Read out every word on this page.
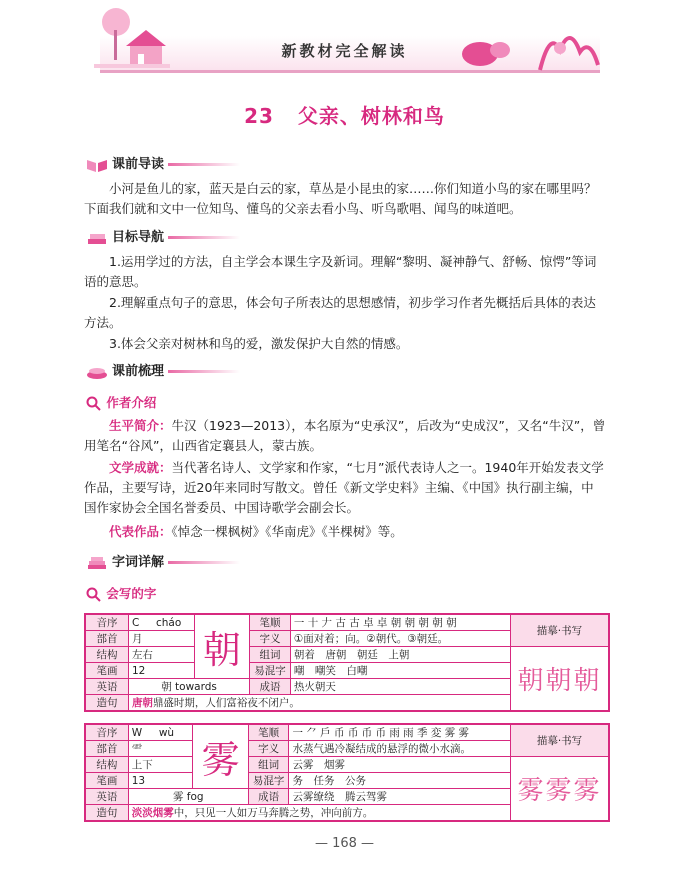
新教材完全解读
23 父亲、树林和鸟
课前导读
小河是鱼儿的家，蓝天是白云的家，草丛是小昆虫的家……你们知道小鸟的家在哪里吗？下面我们就和文中一位知鸟、懂鸟的父亲去看小鸟、听鸟歌唱、闻鸟的味道吧。
目标导航
1.运用学过的方法，自主学会本课生字及新词。理解“黎明、凝神静气、舒畅、惊愕”等词语的意思。
2.理解重点句子的意思，体会句子所表达的思想感情，初步学习作者先概括后具体的表达方法。
3.体会父亲对树林和鸟的爱，激发保护大自然的情感。
课前梳理
作者介绍
生平简介：牛汉（1923—2013），本名原为“史承汉”，后改为“史成汉”，又名“牛汉”，曾用笔名“谷风”，山西省定襄县人，蒙古族。
文学成就：当代著名诗人、文学家和作家，“七月”派代表诗人之一。1940年开始发表文学作品，主要写诗，近20年来同时写散文。曾任《新文学史料》主编、《中国》执行副主编，中国作家协会全国名誉委员、中国诗歌学会副会长。
代表作品：《悼念一棵枫树》《华南虎》《半棵树》等。
字词详解
会写的字
音序	C cháo	朝	笔顺	一 十 𠂇 古 古 卓 卓 朝 朝 朝 朝 朝	描摹·书写
部首	月		字义	①面对着；向。②朝代。③朝廷。	
结构	左右		组词	朝着　唐朝　朝廷　上朝	朝朝朝
笔画	12		易混字	嘲　嘲笑　白嘲	
英语	朝 towards		成语	热火朝天	
造句	唐朝鼎盛时期，人们富裕夜不闭户。				
音序	W wù	雾	笔顺	一 ⺈ 戶 币 币 币 币 雨 雨 季 変 雾 雾	描摹·书写
部首	⻗		字义	水蒸气遇冷凝结成的悬浮的微小水滴。	
结构	上下		组词	云雾　烟雾	雾雾雾
笔画	13		易混字	务　任务　公务	
英语	雾 fog		成语	云雾缭绕　腾云驾雾	
造句	淡淡烟雾中，只见一人如万马奔腾之势，冲向前方。				
— 168 —
